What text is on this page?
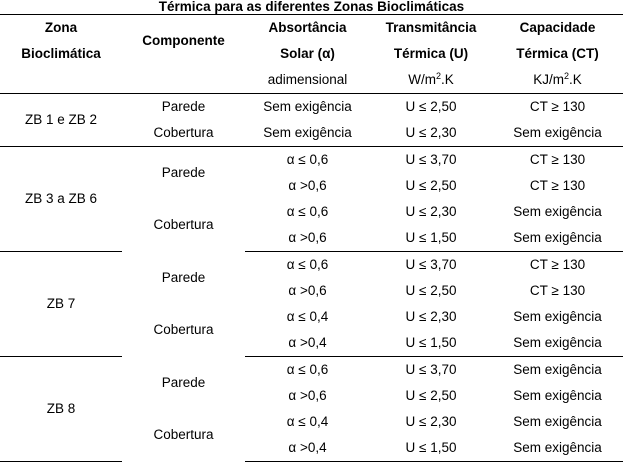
Térmica para as diferentes Zonas Bioclimáticas
Zona	Componente	Absortância	Transmitância	Capacidade
Bioclimática		Solar (α)	Térmica (U)	Térmica (CT)
		adimensional	$W/m^2.K$	$KJ/m^2.K$
ZB 1 e ZB 2	Parede	Sem exigência	U ≤ 2,50	CT ≥ 130
	Cobertura	Sem exigência	U ≤ 2,30	Sem exigência
ZB 3 a ZB 6	Parede	α ≤ 0,6	U ≤ 3,70	CT ≥ 130
		α >0,6	U ≤ 2,50	CT ≥ 130
	Cobertura	α ≤ 0,6	U ≤ 2,30	Sem exigência
		α >0,6	U ≤ 1,50	Sem exigência
ZB 7	Parede	α ≤ 0,6	U ≤ 3,70	CT ≥ 130
		α >0,6	U ≤ 2,50	CT ≥ 130
	Cobertura	α ≤ 0,4	U ≤ 2,30	Sem exigência
		α >0,4	U ≤ 1,50	Sem exigência
ZB 8	Parede	α ≤ 0,6	U ≤ 3,70	Sem exigência
		α >0,6	U ≤ 2,50	Sem exigência
	Cobertura	α ≤ 0,4	U ≤ 2,30	Sem exigência
		α >0,4	U ≤ 1,50	Sem exigência
